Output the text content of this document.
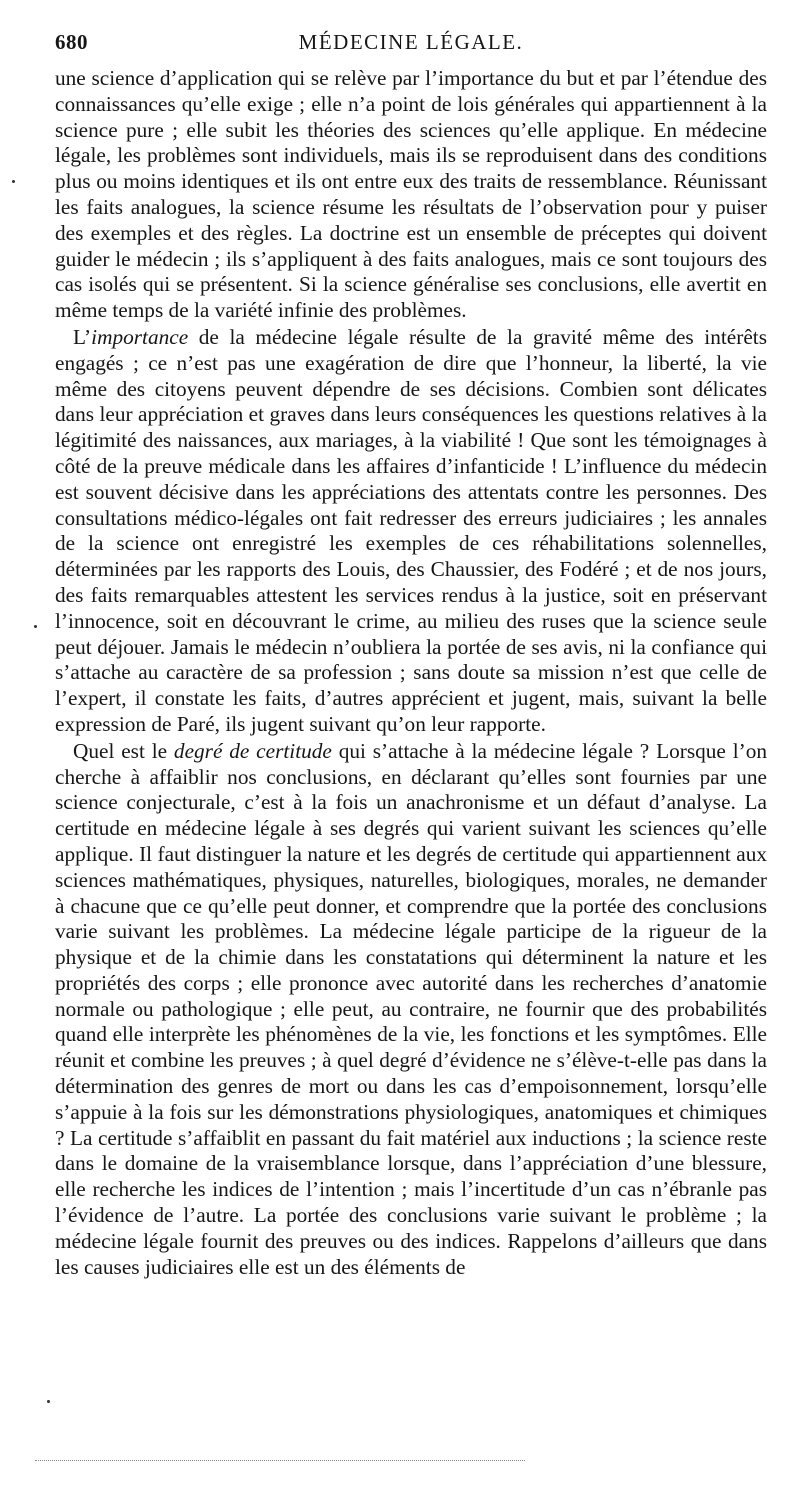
680	MÉDECINE LÉGALE.

une science d’application qui se relève par l’importance du but et par l’étendue des connaissances qu’elle exige ; elle n’a point de lois générales qui appartiennent à la science pure ; elle subit les théories des sciences qu’elle applique. En médecine légale, les problèmes sont individuels, mais ils se reproduisent dans des conditions plus ou moins identiques et ils ont entre eux des traits de ressemblance. Réunissant les faits analogues, la science résume les résultats de l’observation pour y puiser des exemples et des règles. La doctrine est un ensemble de préceptes qui doivent guider le médecin ; ils s’appliquent à des faits analogues, mais ce sont toujours des cas isolés qui se présentent. Si la science généralise ses conclusions, elle avertit en même temps de la variété infinie des problèmes.

L’importance de la médecine légale résulte de la gravité même des intérêts engagés ; ce n’est pas une exagération de dire que l’honneur, la liberté, la vie même des citoyens peuvent dépendre de ses décisions. Combien sont délicates dans leur appréciation et graves dans leurs conséquences les questions relatives à la légitimité des naissances, aux mariages, à la viabilité ! Que sont les témoignages à côté de la preuve médicale dans les affaires d’infanticide ! L’influence du médecin est souvent décisive dans les appréciations des attentats contre les personnes. Des consultations médico-légales ont fait redresser des erreurs judiciaires ; les annales de la science ont enregistré les exemples de ces réhabilitations solennelles, déterminées par les rapports des Louis, des Chaussier, des Fodéré ; et de nos jours, des faits remarquables attestent les services rendus à la justice, soit en préservant l’innocence, soit en découvrant le crime, au milieu des ruses que la science seule peut déjouer. Jamais le médecin n’oubliera la portée de ses avis, ni la confiance qui s’attache au caractère de sa profession ; sans doute sa mission n’est que celle de l’expert, il constate les faits, d’autres apprécient et jugent, mais, suivant la belle expression de Paré, ils jugent suivant qu’on leur rapporte.

Quel est le degré de certitude qui s’attache à la médecine légale ? Lorsque l’on cherche à affaiblir nos conclusions, en déclarant qu’elles sont fournies par une science conjecturale, c’est à la fois un anachronisme et un défaut d’analyse. La certitude en médecine légale à ses degrés qui varient suivant les sciences qu’elle applique. Il faut distinguer la nature et les degrés de certitude qui appartiennent aux sciences mathématiques, physiques, naturelles, biologiques, morales, ne demander à chacune que ce qu’elle peut donner, et comprendre que la portée des conclusions varie suivant les problèmes. La médecine légale participe de la rigueur de la physique et de la chimie dans les constatations qui déterminent la nature et les propriétés des corps ; elle prononce avec autorité dans les recherches d’anatomie normale ou pathologique ; elle peut, au contraire, ne fournir que des probabilités quand elle interprète les phénomènes de la vie, les fonctions et les symptômes. Elle réunit et combine les preuves ; à quel degré d’évidence ne s’élève-t-elle pas dans la détermination des genres de mort ou dans les cas d’empoisonnement, lorsqu’elle s’appuie à la fois sur les démonstrations physiologiques, anatomiques et chimiques ? La certitude s’affaiblit en passant du fait matériel aux inductions ; la science reste dans le domaine de la vraisemblance lorsque, dans l’appréciation d’une blessure, elle recherche les indices de l’intention ; mais l’incertitude d’un cas n’ébranle pas l’évidence de l’autre. La portée des conclusions varie suivant le problème ; la médecine légale fournit des preuves ou des indices. Rappelons d’ailleurs que dans les causes judiciaires elle est un des éléments de
